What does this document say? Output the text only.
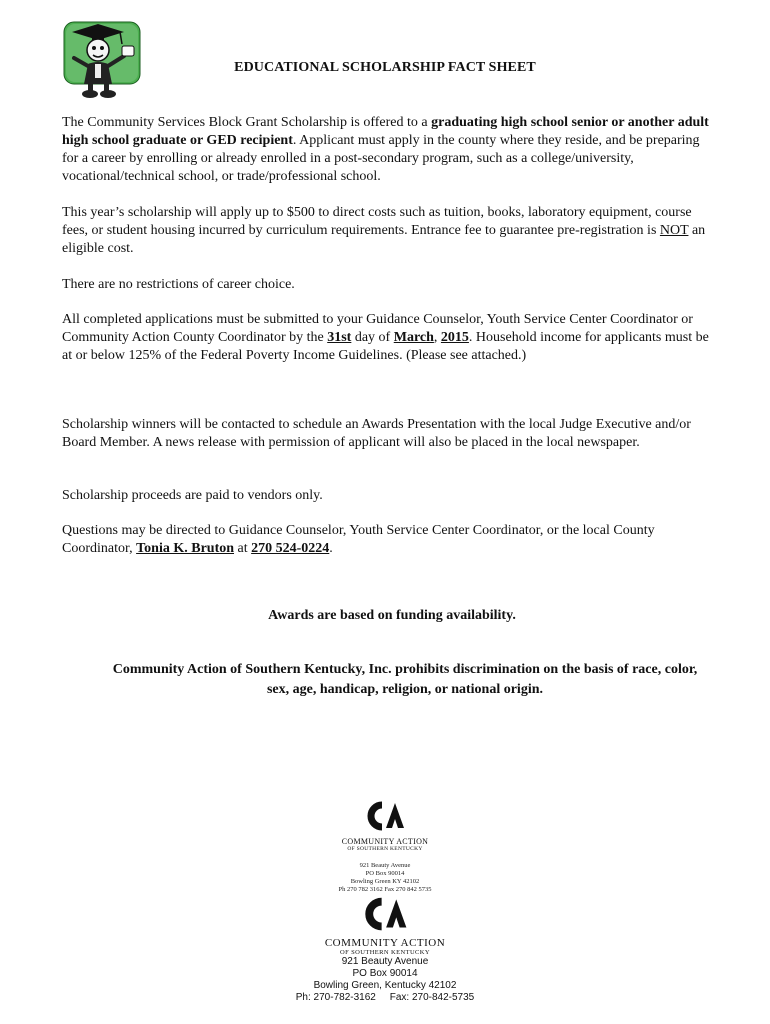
EDUCATIONAL SCHOLARSHIP FACT SHEET

The Community Services Block Grant Scholarship is offered to a graduating high school senior or another adult high school graduate or GED recipient. Applicant must apply in the county where they reside, and be preparing for a career by enrolling or already enrolled in a post-secondary program, such as a college/university, vocational/technical school, or trade/professional school.

This year’s scholarship will apply up to $500 to direct costs such as tuition, books, laboratory equipment, course fees, or student housing incurred by curriculum requirements. Entrance fee to guarantee pre-registration is NOT an eligible cost.

There are no restrictions of career choice.

All completed applications must be submitted to your Guidance Counselor, Youth Service Center Coordinator or Community Action County Coordinator by the 31st day of March, 2015. Household income for applicants must be at or below 125% of the Federal Poverty Income Guidelines. (Please see attached.)

Scholarship winners will be contacted to schedule an Awards Presentation with the local Judge Executive and/or Board Member. A news release with permission of applicant will also be placed in the local newspaper.

Scholarship proceeds are paid to vendors only.

Questions may be directed to Guidance Counselor, Youth Service Center Coordinator, or the local County Coordinator, Tonia K. Bruton at 270 524-0224.

Awards are based on funding availability.
Community Action of Southern Kentucky, Inc. prohibits discrimination on the basis of race, color, sex, age, handicap, religion, or national origin.
COMMUNITY ACTION
OF SOUTHERN KENTUCKY
921 Beauty Avenue
PO Box 90014
Bowling Green KY 42102
Ph 270 782 3162 Fax 270 842 5735
COMMUNITY ACTION
OF SOUTHERN KENTUCKY
921 Beauty Avenue
PO Box 90014
Bowling Green, Kentucky 42102
Ph: 270-782-3162     Fax: 270-842-5735
